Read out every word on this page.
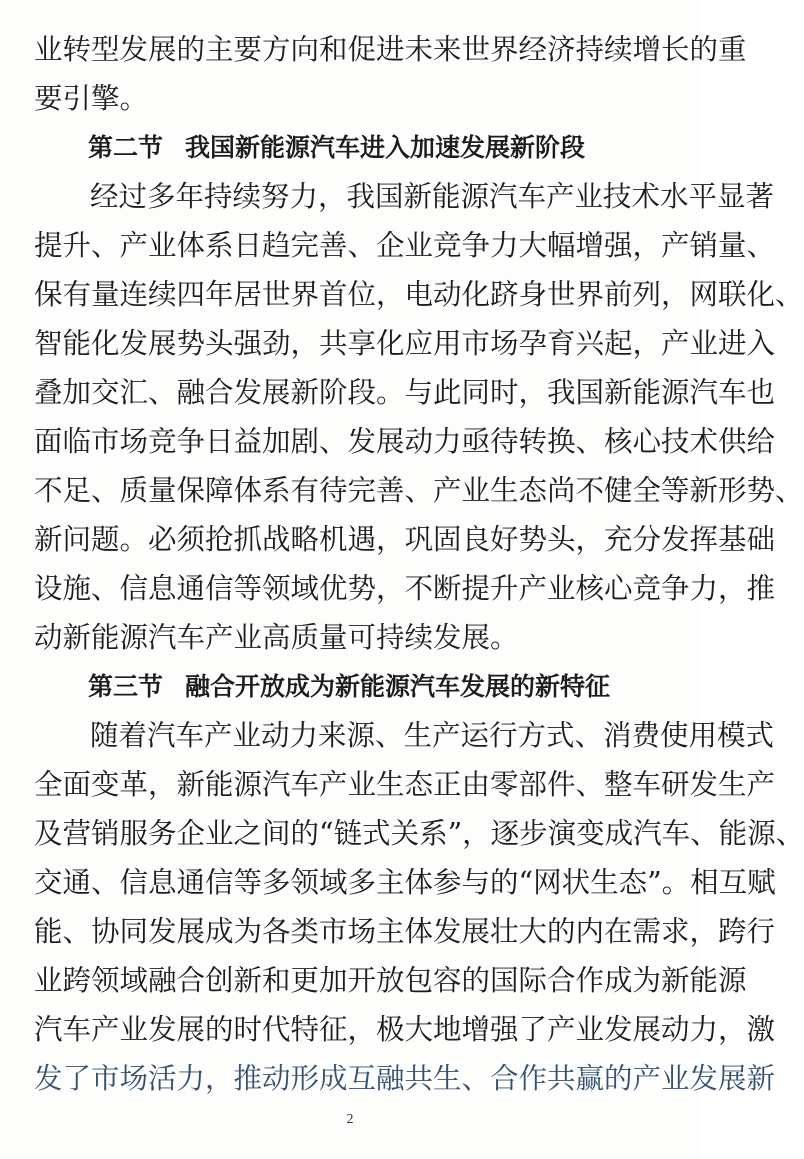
业转型发展的主要方向和促进未来世界经济持续增长的重
要引擎。
第二节 我国新能源汽车进入加速发展新阶段
经过多年持续努力，我国新能源汽车产业技术水平显著
提升、产业体系日趋完善、企业竞争力大幅增强，产销量、
保有量连续四年居世界首位，电动化跻身世界前列，网联化、
智能化发展势头强劲，共享化应用市场孕育兴起，产业进入
叠加交汇、融合发展新阶段。与此同时，我国新能源汽车也
面临市场竞争日益加剧、发展动力亟待转换、核心技术供给
不足、质量保障体系有待完善、产业生态尚不健全等新形势、
新问题。必须抢抓战略机遇，巩固良好势头，充分发挥基础
设施、信息通信等领域优势，不断提升产业核心竞争力，推
动新能源汽车产业高质量可持续发展。
第三节 融合开放成为新能源汽车发展的新特征
随着汽车产业动力来源、生产运行方式、消费使用模式
全面变革，新能源汽车产业生态正由零部件、整车研发生产
及营销服务企业之间的“链式关系”，逐步演变成汽车、能源、
交通、信息通信等多领域多主体参与的“网状生态”。相互赋
能、协同发展成为各类市场主体发展壮大的内在需求，跨行
业跨领域融合创新和更加开放包容的国际合作成为新能源
汽车产业发展的时代特征，极大地增强了产业发展动力，激
发了市场活力，推动形成互融共生、合作共赢的产业发展新
2
